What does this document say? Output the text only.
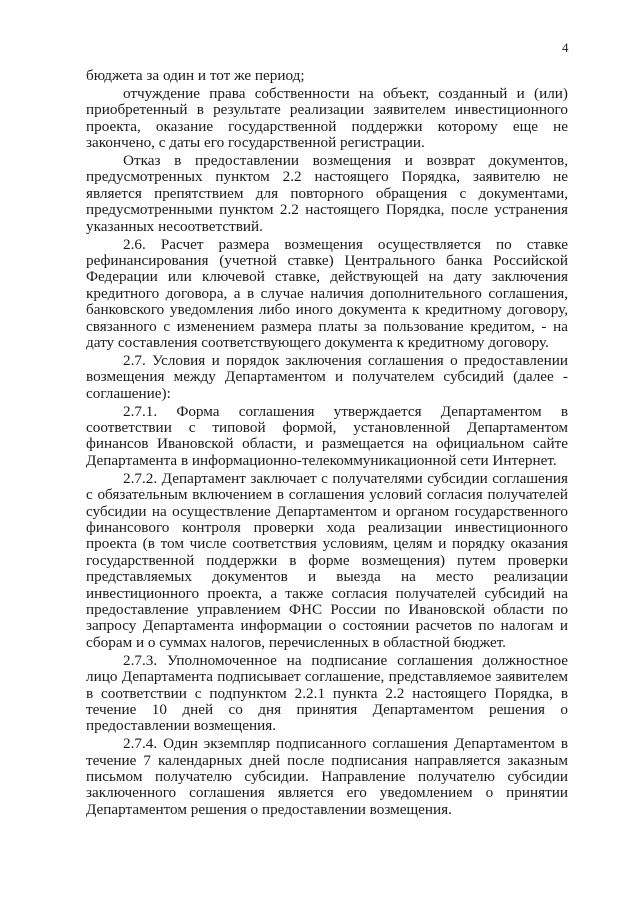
4

бюджета за один и тот же период;

отчуждение права собственности на объект, созданный и (или) приобретенный в результате реализации заявителем инвестиционного проекта, оказание государственной поддержки которому еще не закончено, с даты его государственной регистрации.

Отказ в предоставлении возмещения и возврат документов, предусмотренных пунктом 2.2 настоящего Порядка, заявителю не является препятствием для повторного обращения с документами, предусмотренными пунктом 2.2 настоящего Порядка, после устранения указанных несоответствий.

2.6. Расчет размера возмещения осуществляется по ставке рефинансирования (учетной ставке) Центрального банка Российской Федерации или ключевой ставке, действующей на дату заключения кредитного договора, а в случае наличия дополнительного соглашения, банковского уведомления либо иного документа к кредитному договору, связанного с изменением размера платы за пользование кредитом, - на дату составления соответствующего документа к кредитному договору.

2.7. Условия и порядок заключения соглашения о предоставлении возмещения между Департаментом и получателем субсидий (далее - соглашение):

2.7.1. Форма соглашения утверждается Департаментом в соответствии с типовой формой, установленной Департаментом финансов Ивановской области, и размещается на официальном сайте Департамента в информационно-телекоммуникационной сети Интернет.

2.7.2. Департамент заключает с получателями субсидии соглашения с обязательным включением в соглашения условий согласия получателей субсидии на осуществление Департаментом и органом государственного финансового контроля проверки хода реализации инвестиционного проекта (в том числе соответствия условиям, целям и порядку оказания государственной поддержки в форме возмещения) путем проверки представляемых документов и выезда на место реализации инвестиционного проекта, а также согласия получателей субсидий на предоставление управлением ФНС России по Ивановской области по запросу Департамента информации о состоянии расчетов по налогам и сборам и о суммах налогов, перечисленных в областной бюджет.

2.7.3. Уполномоченное на подписание соглашения должностное лицо Департамента подписывает соглашение, представляемое заявителем в соответствии с подпунктом 2.2.1 пункта 2.2 настоящего Порядка, в течение 10 дней со дня принятия Департаментом решения о предоставлении возмещения.

2.7.4. Один экземпляр подписанного соглашения Департаментом в течение 7 календарных дней после подписания направляется заказным письмом получателю субсидии. Направление получателю субсидии заключенного соглашения является его уведомлением о принятии Департаментом решения о предоставлении возмещения.
